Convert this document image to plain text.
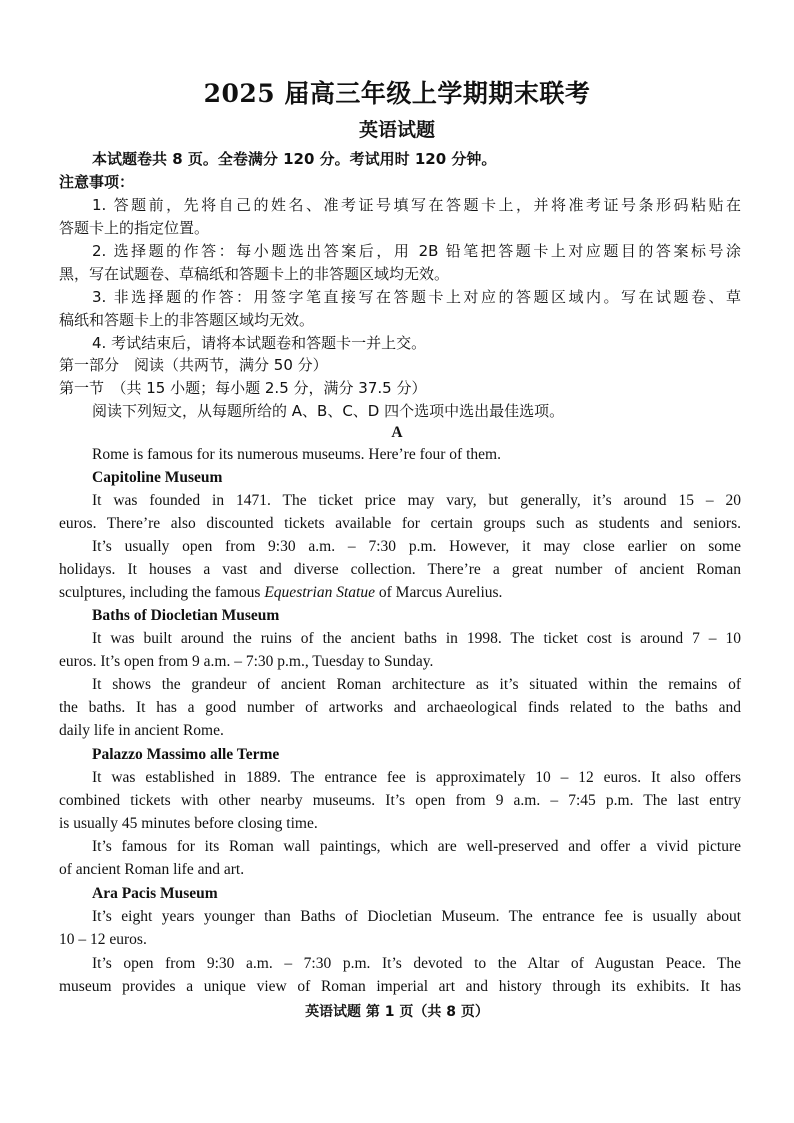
2025 届高三年级上学期期末联考
英语试题
本试题卷共 8 页。全卷满分 120 分。考试用时 120 分钟。
注意事项：
1. 答题前，先将自己的姓名、准考证号填写在答题卡上，并将准考证号条形码粘贴在
答题卡上的指定位置。
2. 选择题的作答：每小题选出答案后，用 2B 铅笔把答题卡上对应题目的答案标号涂
黑，写在试题卷、草稿纸和答题卡上的非答题区域均无效。
3. 非选择题的作答：用签字笔直接写在答题卡上对应的答题区域内。写在试题卷、草
稿纸和答题卡上的非答题区域均无效。
4. 考试结束后，请将本试题卷和答题卡一并上交。
第一部分　阅读（共两节，满分 50 分）
第一节　（共 15 小题；每小题 2.5 分，满分 37.5 分）
阅读下列短文，从每题所给的 A、B、C、D 四个选项中选出最佳选项。
A
Rome is famous for its numerous museums. Here’re four of them.
Capitoline Museum
It was founded in 1471. The ticket price may vary, but generally, it’s around 15 – 20
euros. There’re also discounted tickets available for certain groups such as students and seniors.
It’s usually open from 9:30 a.m. – 7:30 p.m. However, it may close earlier on some
holidays. It houses a vast and diverse collection. There’re a great number of ancient Roman
sculptures, including the famous Equestrian Statue of Marcus Aurelius.
Baths of Diocletian Museum
It was built around the ruins of the ancient baths in 1998. The ticket cost is around 7 – 10
euros. It’s open from 9 a.m. – 7:30 p.m., Tuesday to Sunday.
It shows the grandeur of ancient Roman architecture as it’s situated within the remains of
the baths. It has a good number of artworks and archaeological finds related to the baths and
daily life in ancient Rome.
Palazzo Massimo alle Terme
It was established in 1889. The entrance fee is approximately 10 – 12 euros. It also offers
combined tickets with other nearby museums. It’s open from 9 a.m. – 7:45 p.m. The last entry
is usually 45 minutes before closing time.
It’s famous for its Roman wall paintings, which are well-preserved and offer a vivid picture
of ancient Roman life and art.
Ara Pacis Museum
It’s eight years younger than Baths of Diocletian Museum. The entrance fee is usually about
10 – 12 euros.
It’s open from 9:30 a.m. – 7:30 p.m. It’s devoted to the Altar of Augustan Peace. The
museum provides a unique view of Roman imperial art and history through its exhibits. It has
英语试题 第 1 页（共 8 页）
